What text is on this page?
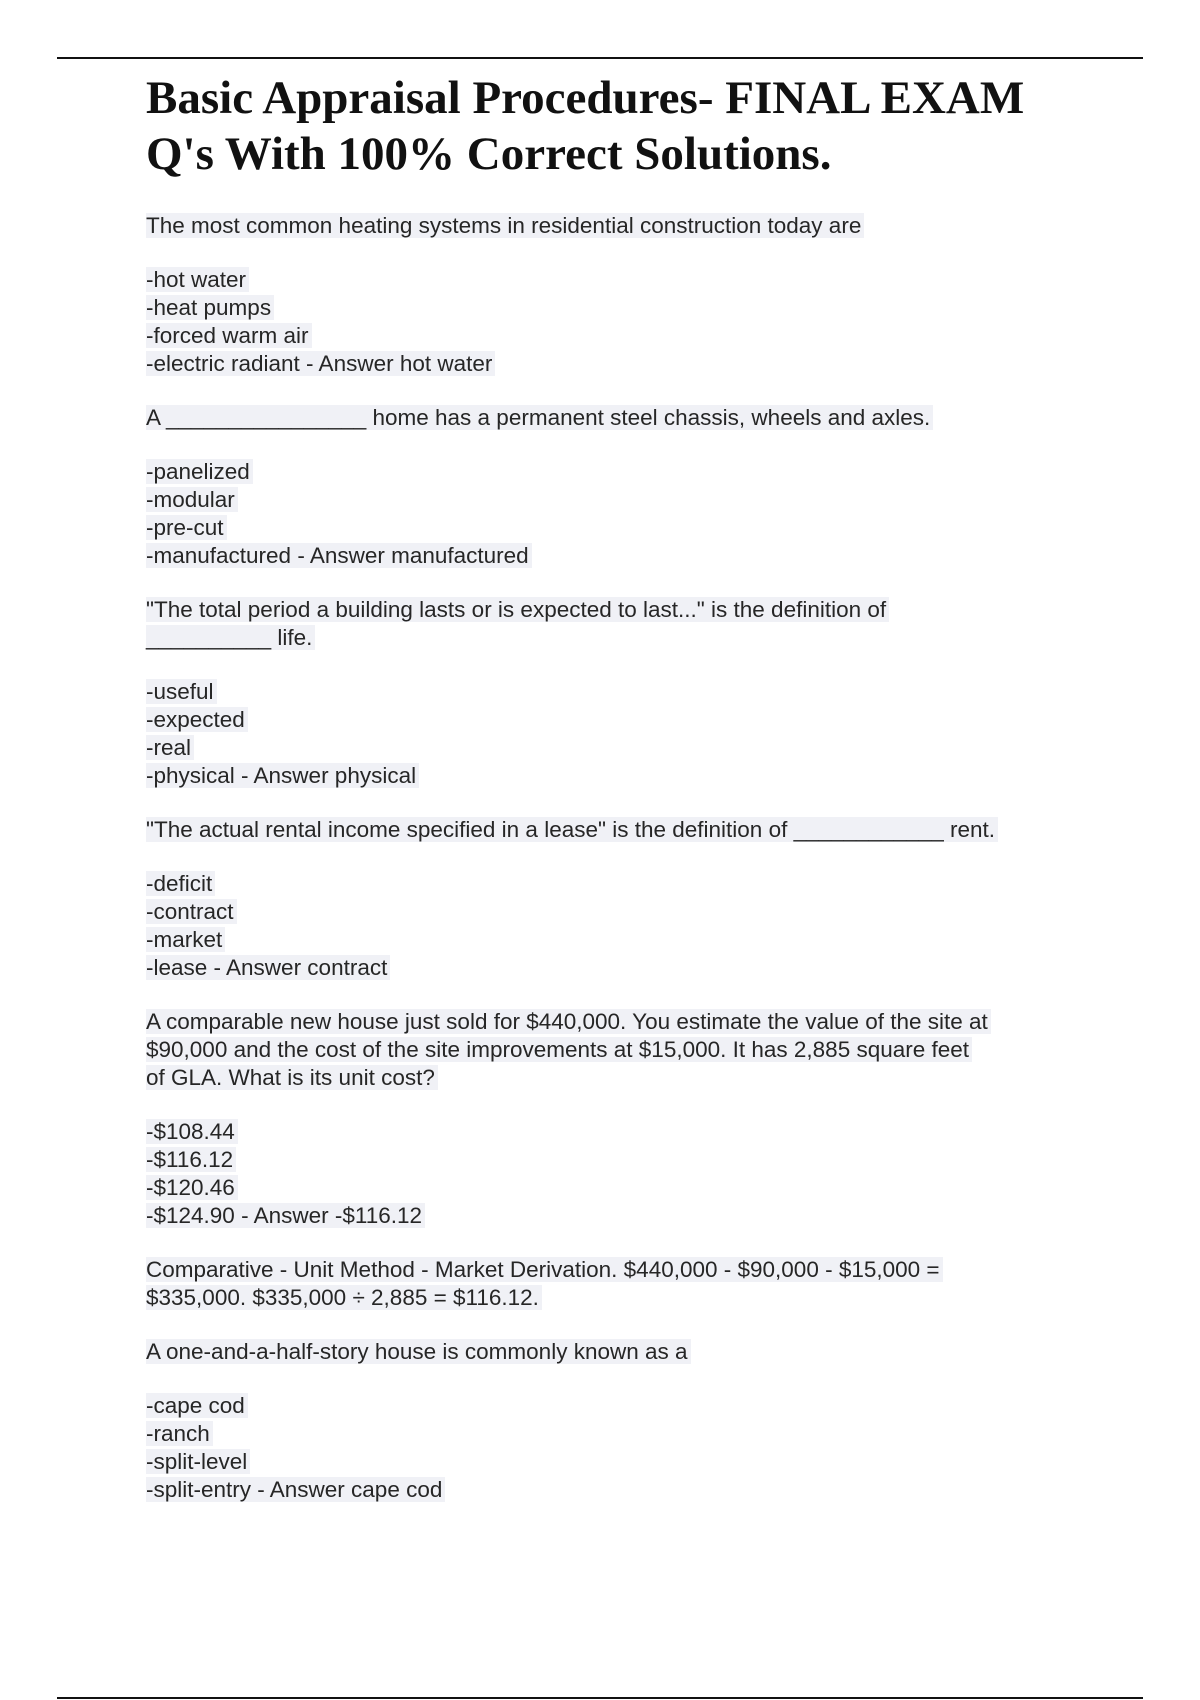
Basic Appraisal Procedures- FINAL EXAM
Q's With 100% Correct Solutions.

The most common heating systems in residential construction today are

-hot water
-heat pumps
-forced warm air
-electric radiant - Answer hot water

A ________________ home has a permanent steel chassis, wheels and axles.

-panelized
-modular
-pre-cut
-manufactured - Answer manufactured

"The total period a building lasts or is expected to last..." is the definition of
__________ life.

-useful
-expected
-real
-physical - Answer physical

"The actual rental income specified in a lease" is the definition of ____________ rent.

-deficit
-contract
-market
-lease - Answer contract

A comparable new house just sold for $440,000. You estimate the value of the site at
$90,000 and the cost of the site improvements at $15,000. It has 2,885 square feet
of GLA. What is its unit cost?

-$108.44
-$116.12
-$120.46
-$124.90 - Answer -$116.12

Comparative - Unit Method - Market Derivation. $440,000 - $90,000 - $15,000 =
$335,000. $335,000 ÷ 2,885 = $116.12.

A one-and-a-half-story house is commonly known as a

-cape cod
-ranch
-split-level
-split-entry - Answer cape cod
